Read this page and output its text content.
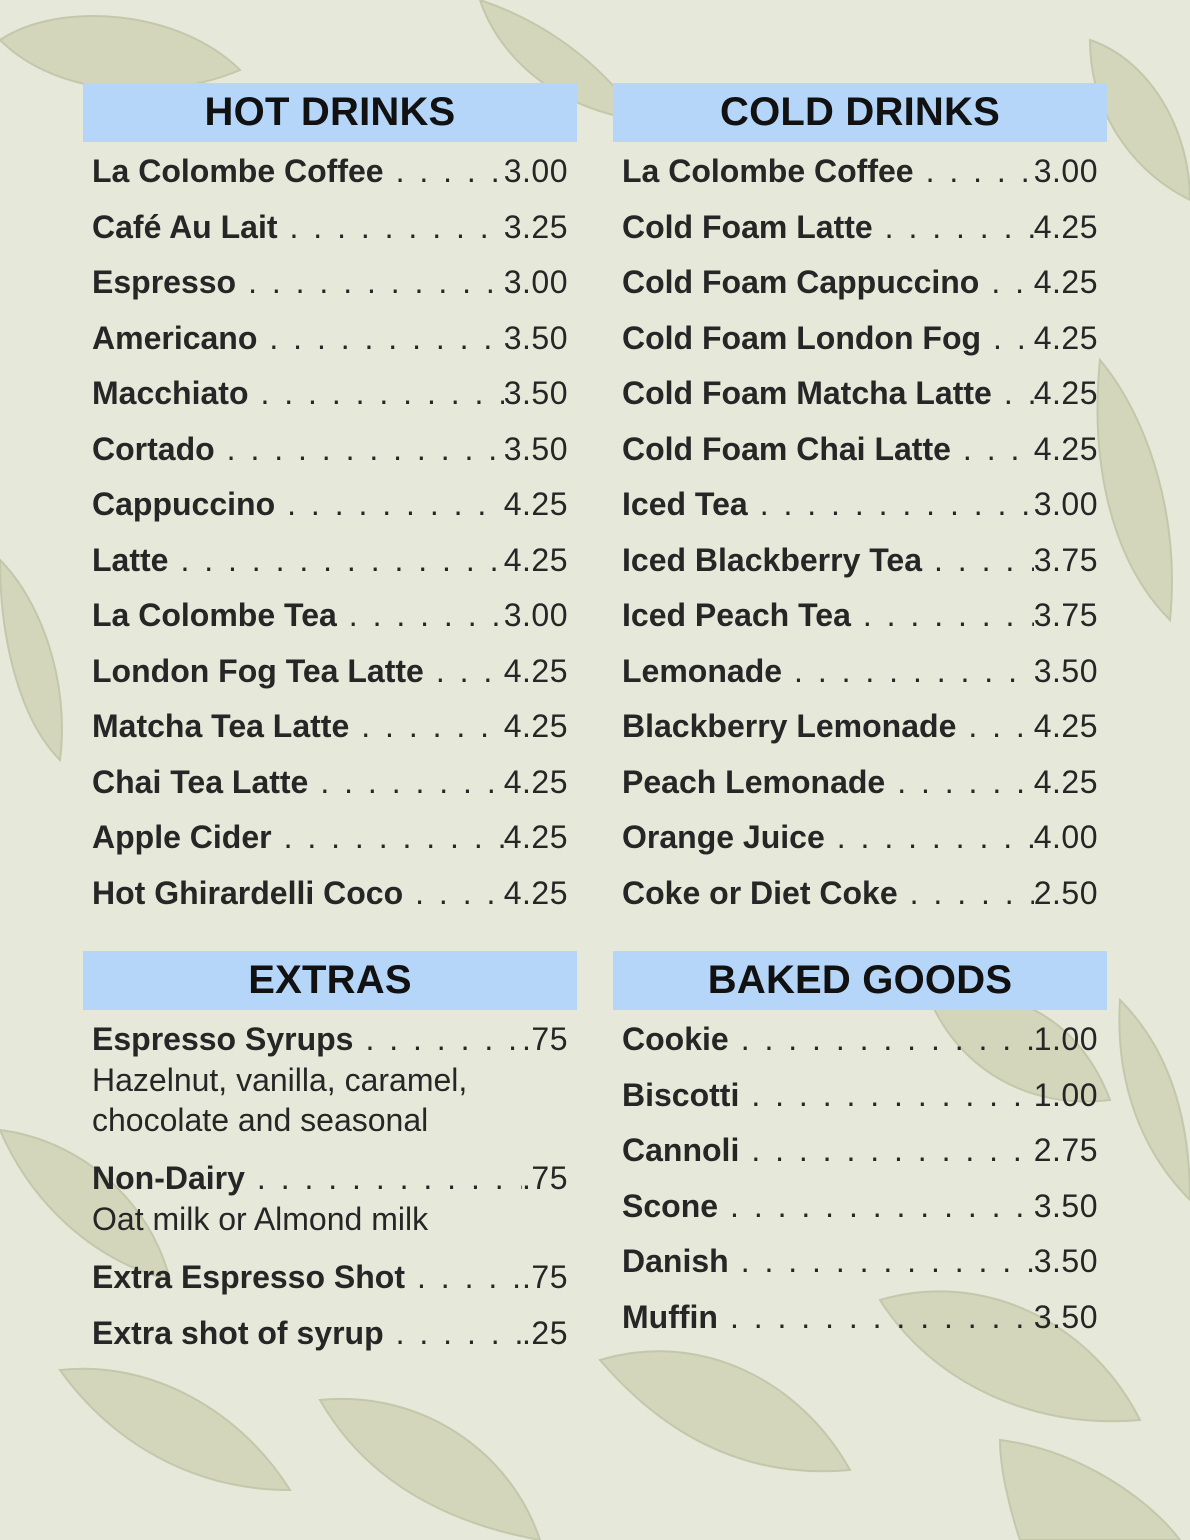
HOT DRINKS
La Colombe Coffee . . .	3.00
Café Au Lait . . .	3.25
Espresso . . .	3.00
Americano . . .	3.50
Macchiato . . .	3.50
Cortado . . .	3.50
Cappuccino . . .	4.25
Latte . . .	4.25
La Colombe Tea . . .	3.00
London Fog Tea Latte . . . 4.25
Matcha Tea Latte . . .	4.25
Chai Tea Latte . . .	4.25
Apple Cider . . .	4.25
Hot Ghirardelli Coco . . .	4.25
COLD DRINKS
La Colombe Coffee . . .	3.00
Cold Foam Latte . . .	4.25
Cold Foam Cappuccino . . . 4.25
Cold Foam London Fog . . . 4.25
Cold Foam Matcha Latte . . . 4.25
Cold Foam Chai Latte . . .	4.25
Iced Tea . . .	3.00
Iced Blackberry Tea . . .	3.75
Iced Peach Tea . . .	3.75
Lemonade . . .	3.50
Blackberry Lemonade . . . 4.25
Peach Lemonade . . .	4.25
Orange Juice . . .	4.00
Coke or Diet Coke . . .	2.50
EXTRAS
Espresso Syrups . . .	.75
Hazelnut, vanilla, caramel,
chocolate and seasonal
Non-Dairy . . .	.75
Oat milk or Almond milk
Extra Espresso Shot . . .	.75
Extra shot of syrup . . .	.25
BAKED GOODS
Cookie . . .	1.00
Biscotti . . .	1.00
Cannoli . . .	2.75
Scone . . .	3.50
Danish . . .	3.50
Muffin . . .	3.50
